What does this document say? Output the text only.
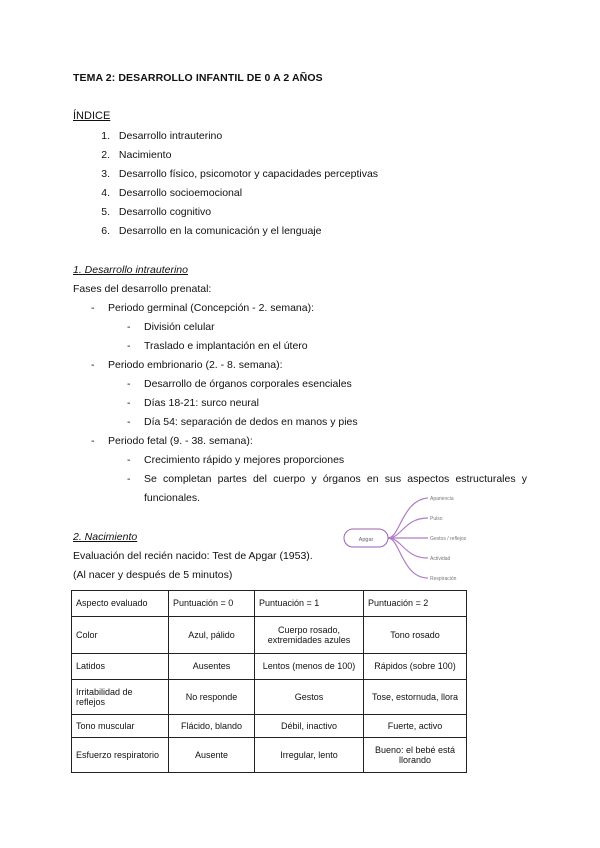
TEMA 2: DESARROLLO INFANTIL DE 0 A 2 AÑOS
ÍNDICE
1. Desarrollo intrauterino
2. Nacimiento
3. Desarrollo físico, psicomotor y capacidades perceptivas
4. Desarrollo socioemocional
5. Desarrollo cognitivo
6. Desarrollo en la comunicación y el lenguaje
1. Desarrollo intrauterino
Fases del desarrollo prenatal:
- Periodo germinal (Concepción - 2. semana):
- División celular
- Traslado e implantación en el útero
- Periodo embrionario (2. - 8. semana):
- Desarrollo de órganos corporales esenciales
- Días 18-21: surco neural
- Día 54: separación de dedos en manos y pies
- Periodo fetal (9. - 38. semana):
- Crecimiento rápido y mejores proporciones
- Se completan partes del cuerpo y órganos en sus aspectos estructurales y
funcionales.
Apgar
Apariencia
Pulso
Gestos / reflejos
Actividad
Respiración
2. Nacimiento
Evaluación del recién nacido: Test de Apgar (1953).
(Al nacer y después de 5 minutos)
Aspecto evaluado	Puntuación = 0	Puntuación = 1	Puntuación = 2
Color	Azul, pálido	Cuerpo rosado, extremidades azules	Tono rosado
Latidos	Ausentes	Lentos (menos de 100)	Rápidos (sobre 100)
Irritabilidad de reflejos	No responde	Gestos	Tose, estornuda, llora
Tono muscular	Flácido, blando	Débil, inactivo	Fuerte, activo
Esfuerzo respiratorio	Ausente	Irregular, lento	Bueno: el bebé está llorando
